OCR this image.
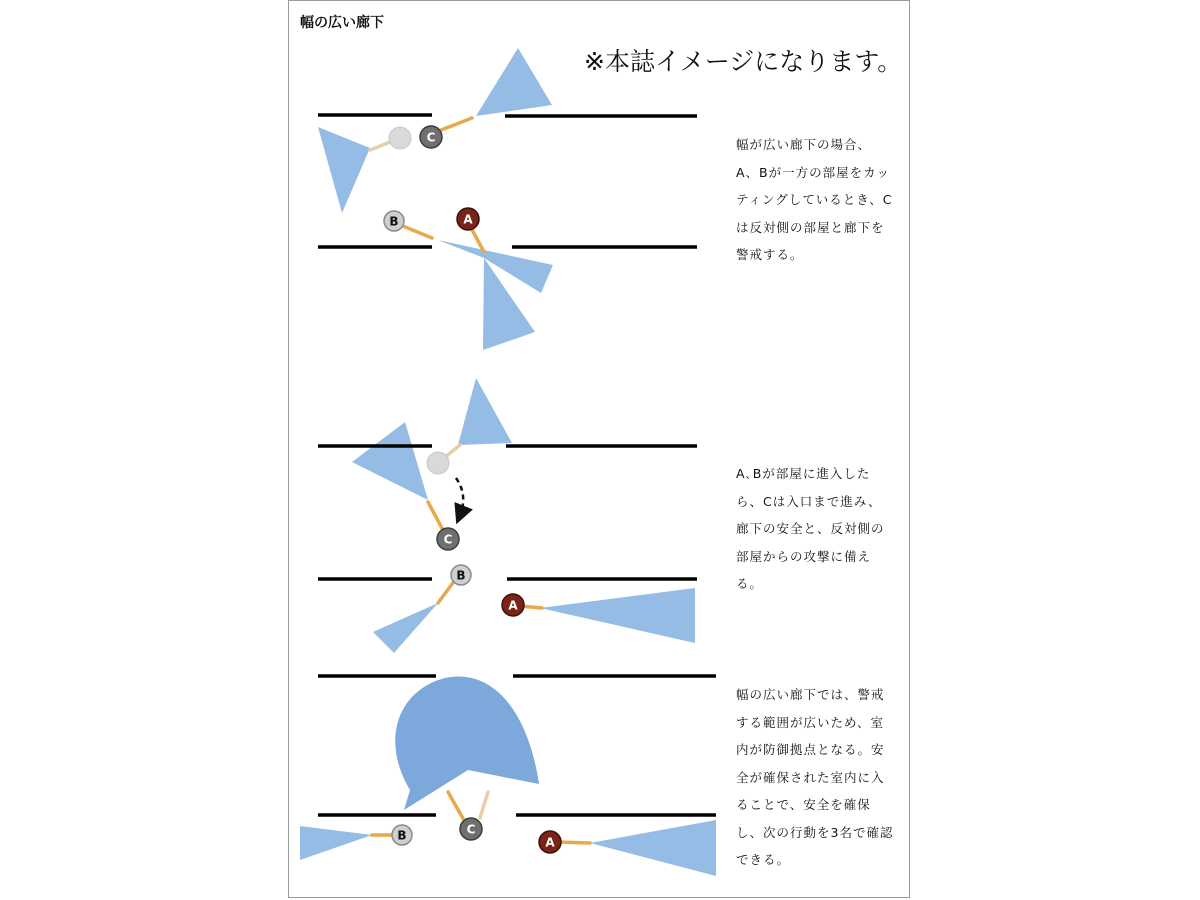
幅の広い廊下
※本誌イメージになります。
幅が広い廊下の場合、A、Bが一方の部屋をカッティングしているとき、Cは反対側の部屋と廊下を警戒する。
A､Bが部屋に進入したら、Cは入口まで進み、廊下の安全と、反対側の部屋からの攻撃に備える。
幅の広い廊下では、警戒する範囲が広いため、室内が防御拠点となる。安全が確保された室内に入ることで、安全を確保し、次の行動を3名で確認できる。
C
B	A
C
B
A
C
B	A
